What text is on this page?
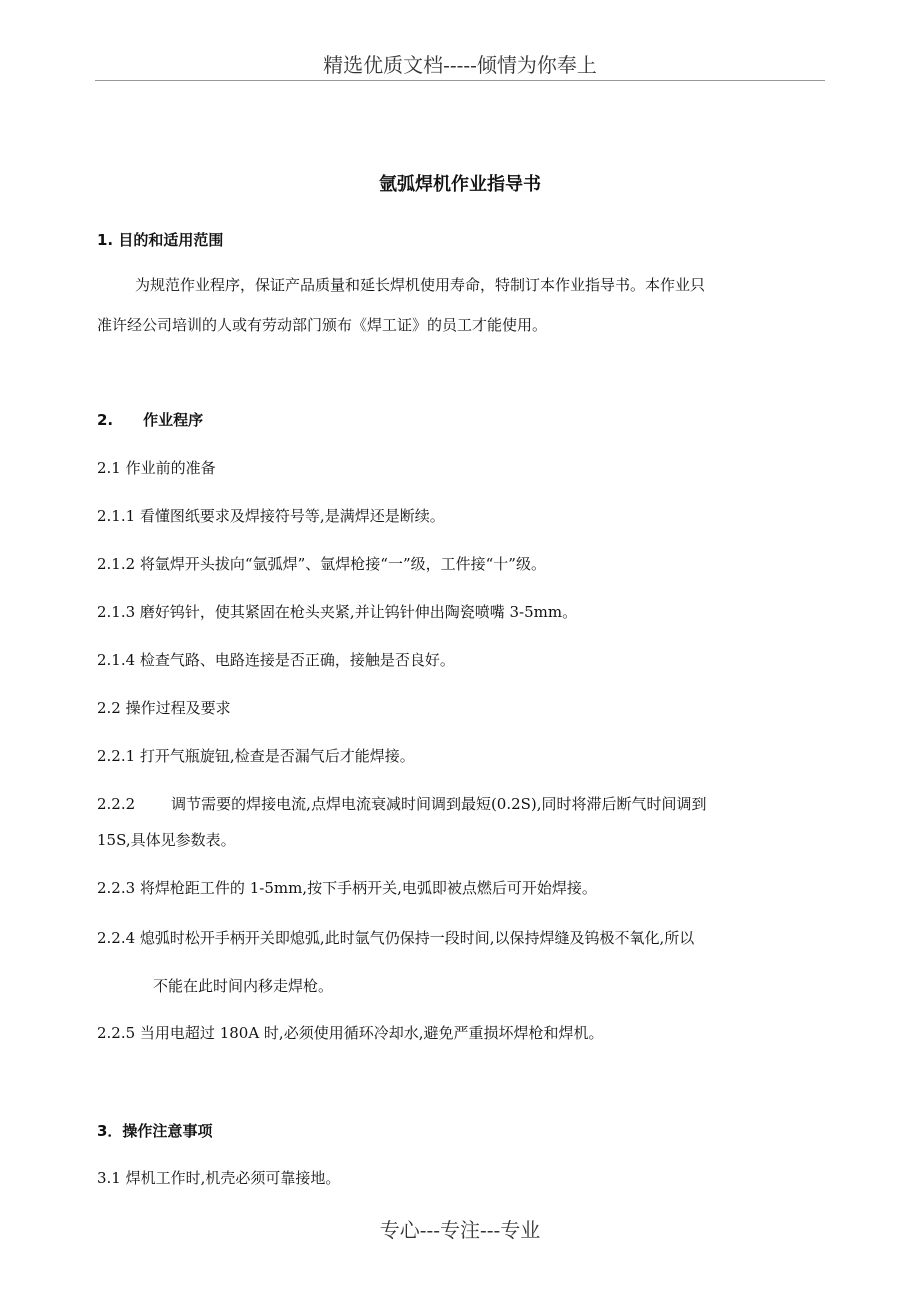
精选优质文档-----倾情为你奉上
氩弧焊机作业指导书
1. 目的和适用范围
为规范作业程序，保证产品质量和延长焊机使用寿命，特制订本作业指导书。本作业只
准许经公司培训的人或有劳动部门颁布《焊工证》的员工才能使用。
2. 作业程序
2.1 作业前的准备
2.1.1 看懂图纸要求及焊接符号等,是满焊还是断续。
2.1.2 将氩焊开头拔向“氩弧焊”、氩焊枪接“一”级，工件接“十”级。
2.1.3 磨好钨针，使其紧固在枪头夹紧,并让钨针伸出陶瓷喷嘴 3-5mm。
2.1.4 检查气路、电路连接是否正确，接触是否良好。
2.2 操作过程及要求
2.2.1 打开气瓶旋钮,检查是否漏气后才能焊接。
2.2.2 调节需要的焊接电流,点焊电流衰减时间调到最短(0.2S),同时将滞后断气时间调到
15S,具体见参数表。
2.2.3 将焊枪距工件的 1-5mm,按下手柄开关,电弧即被点燃后可开始焊接。
2.2.4 熄弧时松开手柄开关即熄弧,此时氩气仍保持一段时间,以保持焊缝及钨极不氧化,所以
不能在此时间内移走焊枪。
2.2.5 当用电超过 180A 时,必须使用循环冷却水,避免严重损坏焊枪和焊机。
3．操作注意事项
3.1 焊机工作时,机壳必须可靠接地。
专心---专注---专业
